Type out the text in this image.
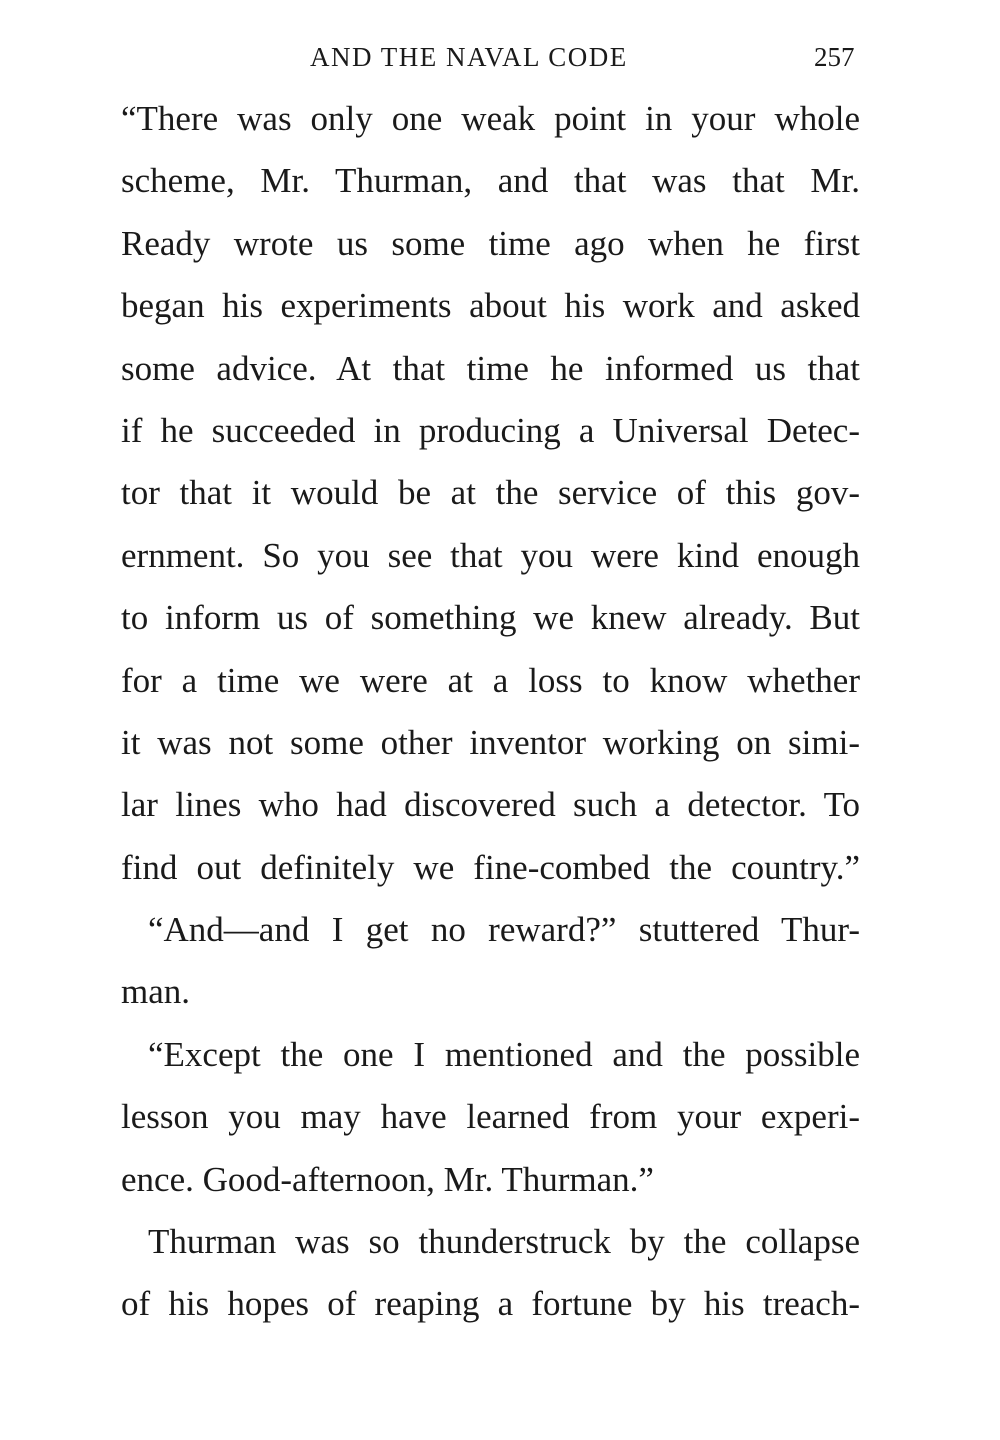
AND THE NAVAL CODE	257
“There was only one weak point in your whole
scheme, Mr. Thurman, and that was that Mr.
Ready wrote us some time ago when he first
began his experiments about his work and asked
some advice. At that time he informed us that
if he succeeded in producing a Universal Detec-
tor that it would be at the service of this gov-
ernment. So you see that you were kind enough
to inform us of something we knew already. But
for a time we were at a loss to know whether
it was not some other inventor working on simi-
lar lines who had discovered such a detector. To
find out definitely we fine-combed the country.”
“And—and I get no reward?” stuttered Thur-
man.
“Except the one I mentioned and the possible
lesson you may have learned from your experi-
ence. Good-afternoon, Mr. Thurman.”
Thurman was so thunderstruck by the collapse
of his hopes of reaping a fortune by his treach-
